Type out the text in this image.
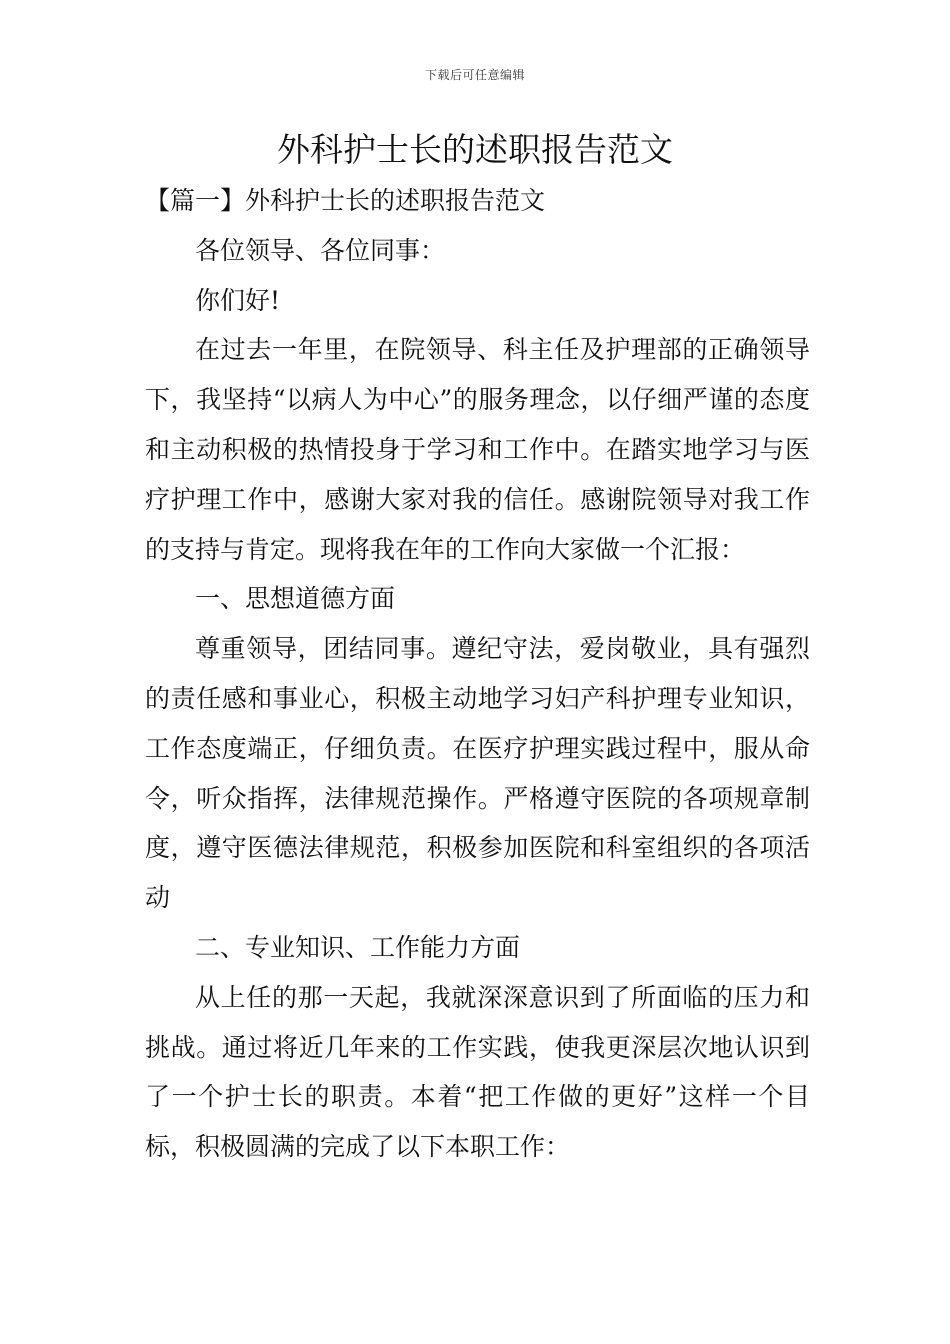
下载后可任意编辑
外科护士长的述职报告范文

【篇一】外科护士长的述职报告范文

各位领导、各位同事：

你们好!

在过去一年里，在院领导、科主任及护理部的正确领导下，我坚持“以病人为中心”的服务理念，以仔细严谨的态度和主动积极的热情投身于学习和工作中。在踏实地学习与医疗护理工作中，感谢大家对我的信任。感谢院领导对我工作的支持与肯定。现将我在年的工作向大家做一个汇报：

一、思想道德方面

尊重领导，团结同事。遵纪守法，爱岗敬业，具有强烈的责任感和事业心，积极主动地学习妇产科护理专业知识，工作态度端正，仔细负责。在医疗护理实践过程中，服从命令，听众指挥，法律规范操作。严格遵守医院的各项规章制度，遵守医德法律规范，积极参加医院和科室组织的各项活动

二、专业知识、工作能力方面

从上任的那一天起，我就深深意识到了所面临的压力和挑战。通过将近几年来的工作实践，使我更深层次地认识到了一个护士长的职责。本着“把工作做的更好”这样一个目标，积极圆满的完成了以下本职工作：
